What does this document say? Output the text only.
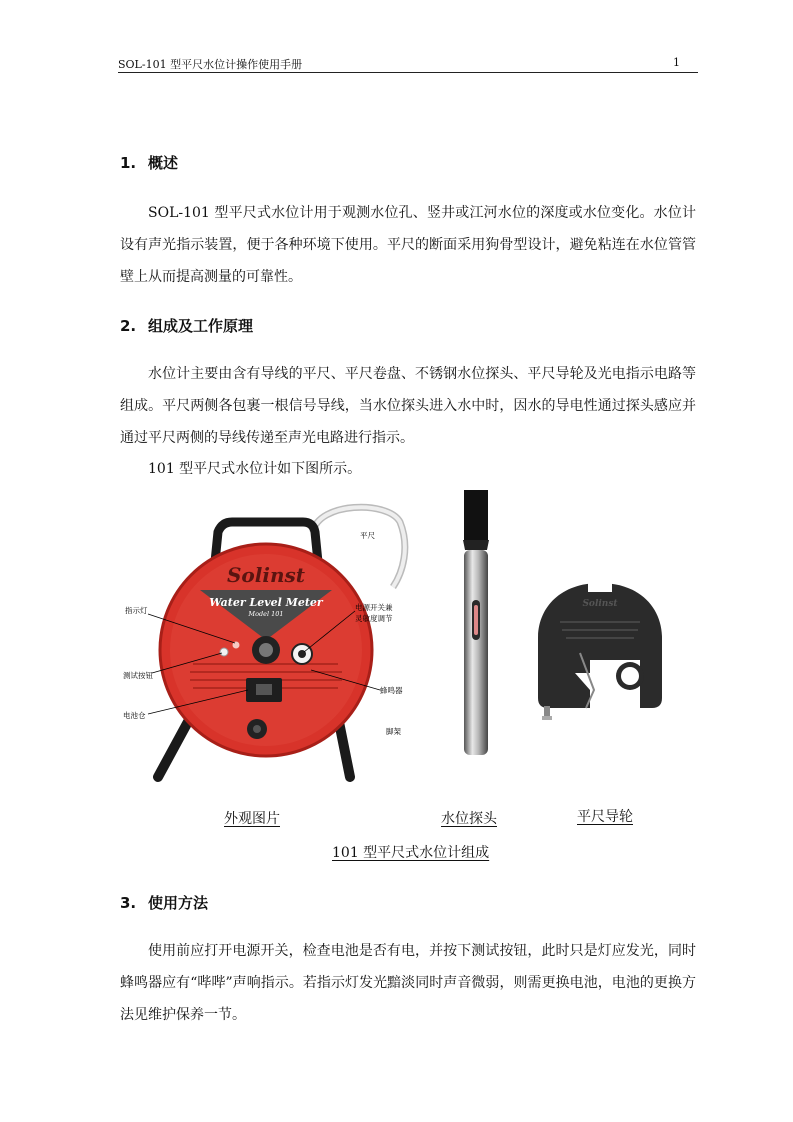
SOL-101 型平尺水位计操作使用手册	1
1. 概述
SOL-101 型平尺式水位计用于观测水位孔、竖井或江河水位的深度或水位变化。水位计设有声光指示装置，便于各种环境下使用。平尺的断面采用狗骨型设计，避免粘连在水位管管壁上从而提高测量的可靠性。
2. 组成及工作原理
水位计主要由含有导线的平尺、平尺卷盘、不锈钢水位探头、平尺导轮及光电指示电路等组成。平尺两侧各包裹一根信号导线，当水位探头进入水中时，因水的导电性通过探头感应并通过平尺两侧的导线传递至声光电路进行指示。
101 型平尺式水位计如下图所示。
Solinst
Water Level Meter
Model 101
平尺
指示灯	电源开关兼
灵敏度调节
测试按钮
蜂鸣器
电池仓
脚架
Solinst
外观图片	水位探头	平尺导轮
101 型平尺式水位计组成
3. 使用方法
使用前应打开电源开关，检查电池是否有电，并按下测试按钮，此时只是灯应发光，同时蜂鸣器应有“哔哔”声响指示。若指示灯发光黯淡同时声音微弱，则需更换电池，电池的更换方法见维护保养一节。
